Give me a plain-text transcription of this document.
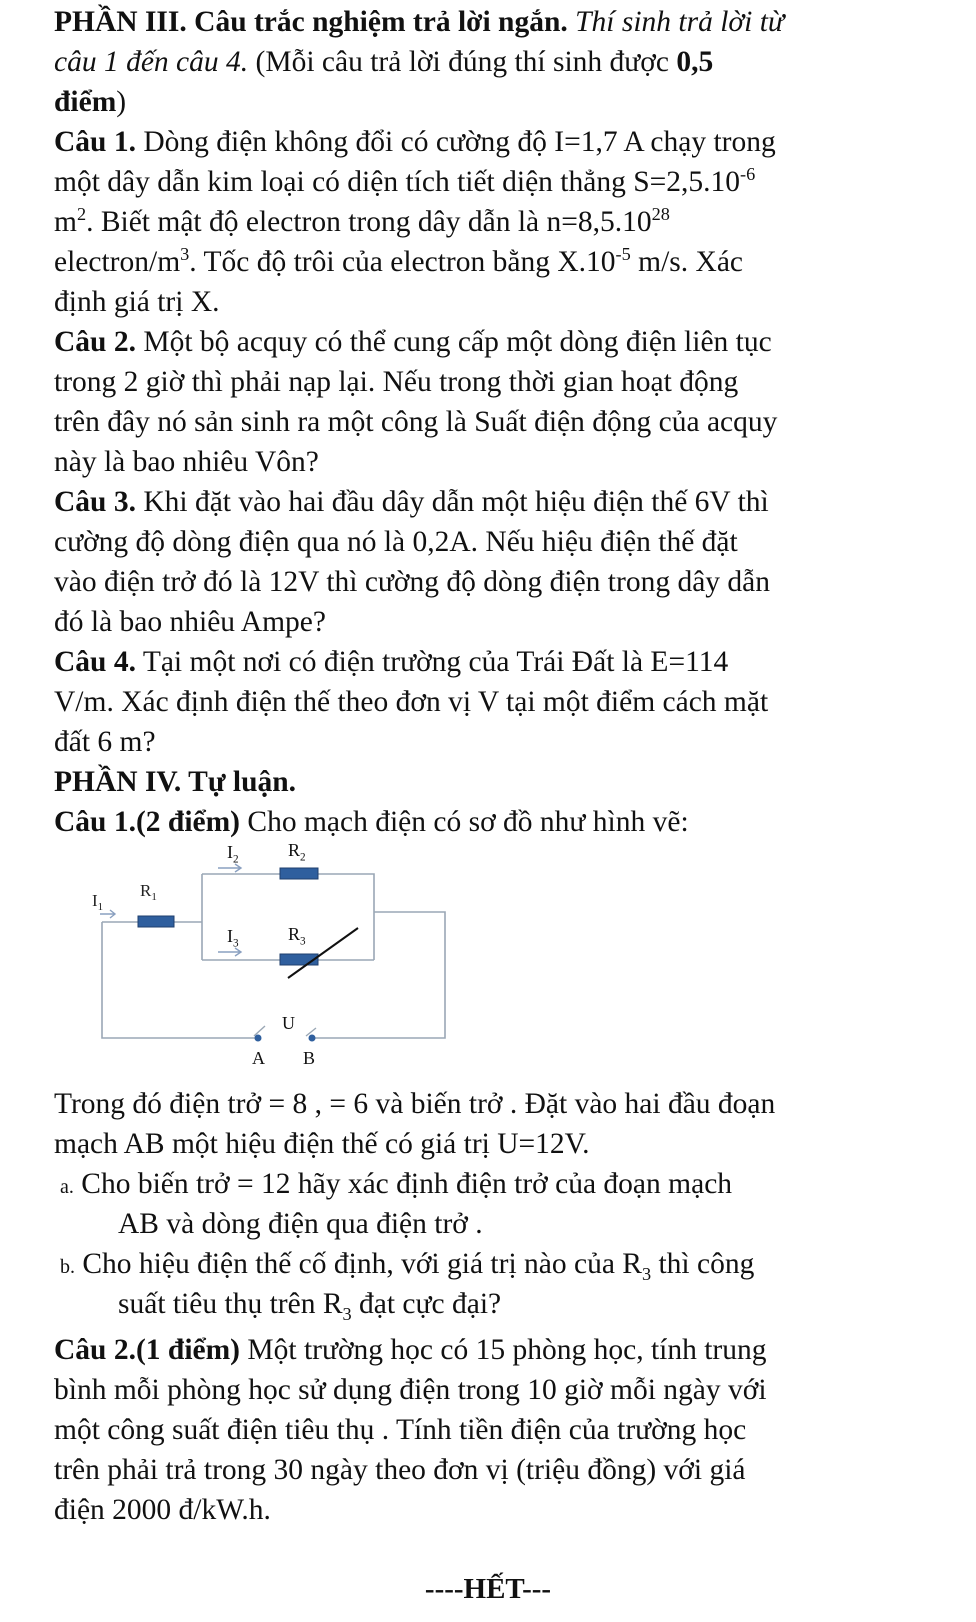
PHẦN III. Câu trắc nghiệm trả lời ngắn. Thí sinh trả lời từ
câu 1 đến câu 4. (Mỗi câu trả lời đúng thí sinh được 0,5
điểm)
Câu 1. Dòng điện không đổi có cường độ I=1,7 A chạy trong
một dây dẫn kim loại có diện tích tiết diện thẳng $S=2,5.10^{-6}$
$m^2$. Biết mật độ electron trong dây dẫn là $n=8,5.10^{28}$
electron/$m^3$. Tốc độ trôi của electron bằng $X.10^{-5}$ m/s. Xác
định giá trị X.
Câu 2. Một bộ acquy có thể cung cấp một dòng điện liên tục
trong 2 giờ thì phải nạp lại. Nếu trong thời gian hoạt động
trên đây nó sản sinh ra một công là Suất điện động của acquy
này là bao nhiêu Vôn?
Câu 3. Khi đặt vào hai đầu dây dẫn một hiệu điện thế 6V thì
cường độ dòng điện qua nó là 0,2A. Nếu hiệu điện thế đặt
vào điện trở đó là 12V thì cường độ dòng điện trong dây dẫn
đó là bao nhiêu Ampe?
Câu 4. Tại một nơi có điện trường của Trái Đất là E=114
V/m. Xác định điện thế theo đơn vị V tại một điểm cách mặt
đất 6 m?
PHẦN IV. Tự luận.
Câu 1.(2 điểm) Cho mạch điện có sơ đồ như hình vẽ:
$I_1$
$R_1$
$I_2$	$R_2$
$I_3$	$R_3$
U
A B
Trong đó điện trở = 8 , = 6 và biến trở . Đặt vào hai đầu đoạn
mạch AB một hiệu điện thế có giá trị U=12V.
a. Cho biến trở = 12 hãy xác định điện trở của đoạn mạch
AB và dòng điện qua điện trở .
b. Cho hiệu điện thế cố định, với giá trị nào của $R_3$ thì công
suất tiêu thụ trên $R_3$ đạt cực đại?
Câu 2.(1 điểm) Một trường học có 15 phòng học, tính trung
bình mỗi phòng học sử dụng điện trong 10 giờ mỗi ngày với
một công suất điện tiêu thụ . Tính tiền điện của trường học
trên phải trả trong 30 ngày theo đơn vị (triệu đồng) với giá
điện 2000 đ/kW.h.
----HẾT---
